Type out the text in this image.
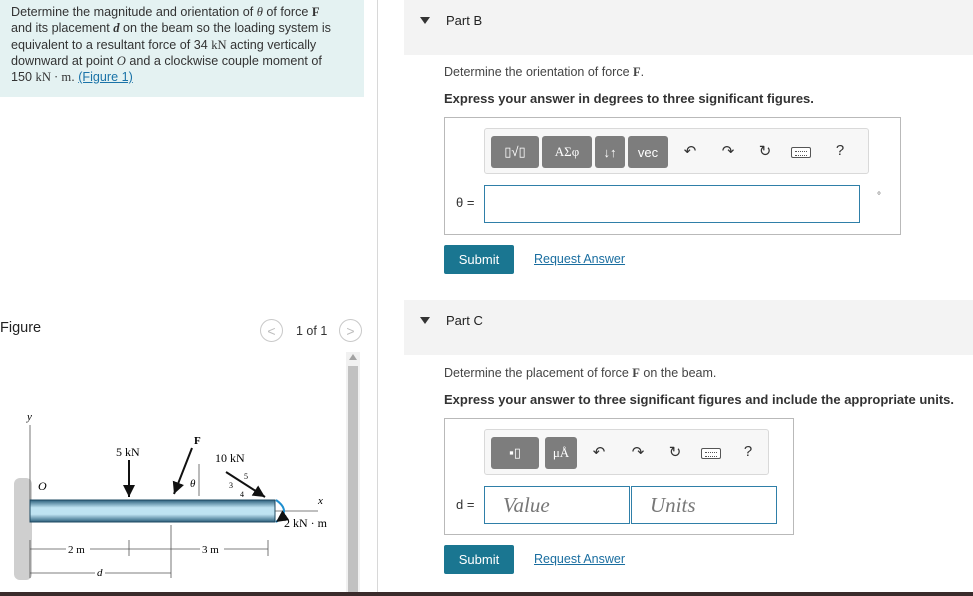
Determine the magnitude and orientation of θ of force F
and its placement d on the beam so the loading system is
equivalent to a resultant force of 34 kN acting vertically
downward at point O and a clockwise couple moment of
150 kN · m. (Figure 1)
Figure	<	1 of 1	>
y
O
x
5 kN
F
θ
10 kN
5
3
4
2 kN · m
2 m	3 m
d
Part B
Determine the orientation of force F.
Express your answer in degrees to three significant figures.
▯√▯	ΑΣφ	↓↑	vec	↶ ↷ ↻	?
θ =	°
Submit	Request Answer
Part C
Determine the placement of force F on the beam.
Express your answer to three significant figures and include the appropriate units.
▪▯	μÅ	↶ ↷ ↻	?
d = Value	Units
Submit	Request Answer
